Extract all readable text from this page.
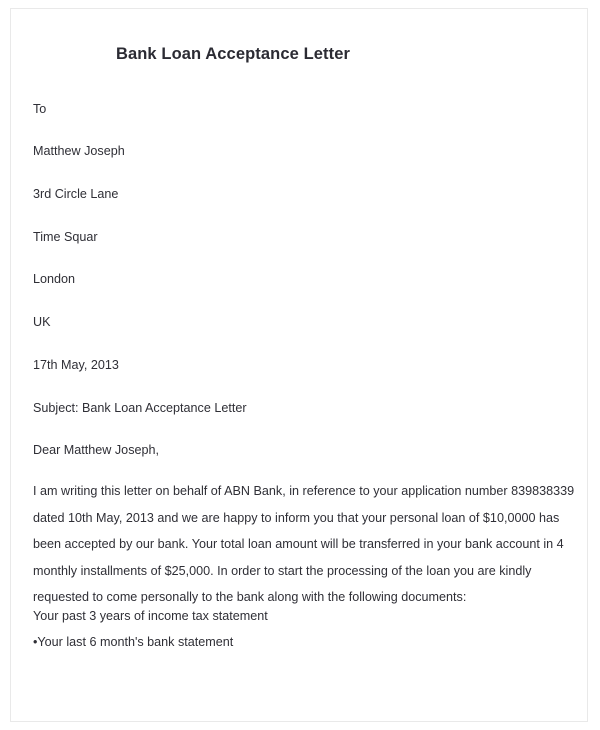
Bank Loan Acceptance Letter
To
Matthew Joseph
3rd Circle Lane
Time Squar
London
UK
17th May, 2013
Subject: Bank Loan Acceptance Letter
Dear Matthew Joseph,
I am writing this letter on behalf of ABN Bank, in reference to your application number 839838339 dated 10th May, 2013 and we are happy to inform you that your personal loan of $10,0000 has been accepted by our bank. Your total loan amount will be transferred in your bank account in 4 monthly installments of $25,000. In order to start the processing of the loan you are kindly requested to come personally to the bank along with the following documents:
Your past 3 years of income tax statement
•Your last 6 month's bank statement
